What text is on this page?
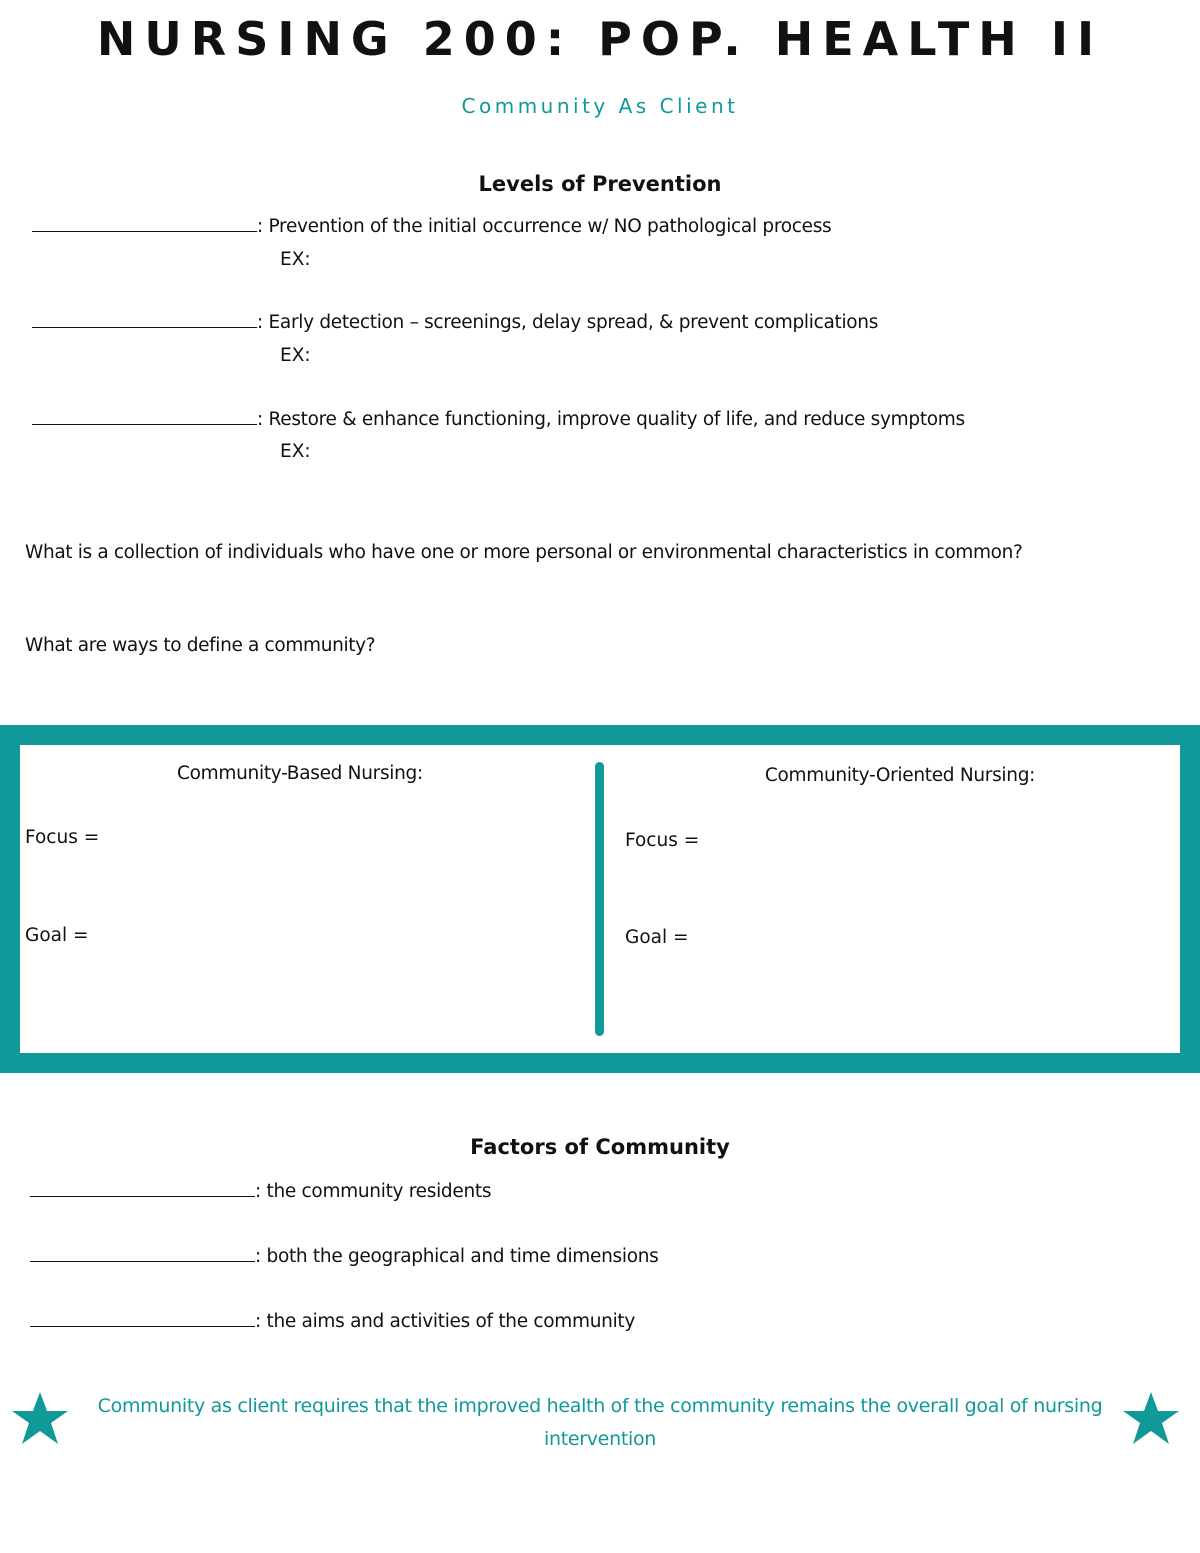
NURSING 200: POP. HEALTH II
Community As Client
Levels of Prevention
: Prevention of the initial occurrence w/ NO pathological process
EX:
: Early detection – screenings, delay spread, & prevent complications
EX:
: Restore & enhance functioning, improve quality of life, and reduce symptoms
EX:
What is a collection of individuals who have one or more personal or environmental characteristics in common?
What are ways to define a community?
Community-Based Nursing:
Focus =
Goal =
Community-Oriented Nursing:
Focus =
Goal =
Factors of Community
: the community residents
: both the geographical and time dimensions
: the aims and activities of the community
Community as client requires that the improved health of the community remains the overall goal of nursing intervention
